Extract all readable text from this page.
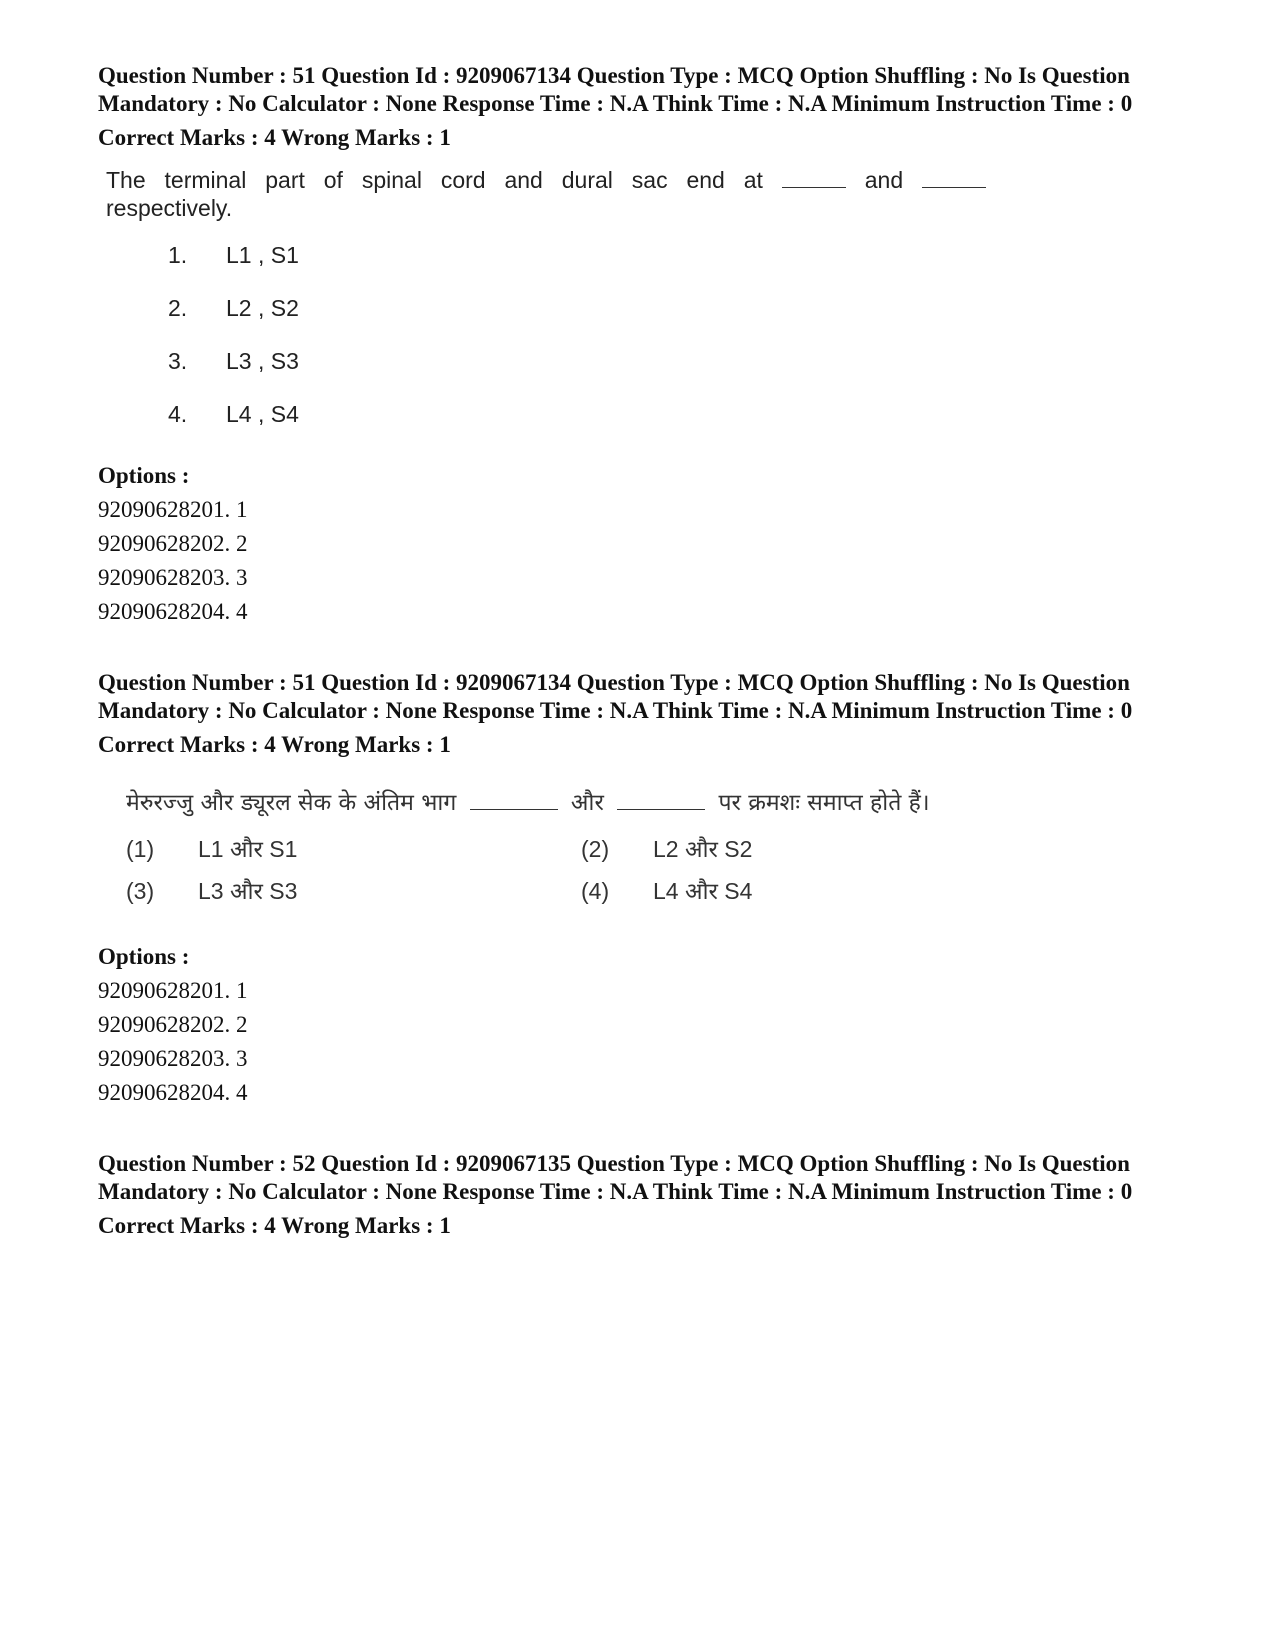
Question Number : 51 Question Id : 9209067134 Question Type : MCQ Option Shuffling : No Is Question Mandatory : No Calculator : None Response Time : N.A Think Time : N.A Minimum Instruction Time : 0

Correct Marks : 4 Wrong Marks : 1

The terminal part of spinal cord and dural sac end at	and  respectively.
1.	L1 , S1
2.	L2 , S2
3.	L3 , S3
4.	L4 , S4

Options :

92090628201. 1

92090628202. 2

92090628203. 3

92090628204. 4

Question Number : 51 Question Id : 9209067134 Question Type : MCQ Option Shuffling : No Is Question Mandatory : No Calculator : None Response Time : N.A Think Time : N.A Minimum Instruction Time : 0

Correct Marks : 4 Wrong Marks : 1

मेरुरज्जु और ड्यूरल सेक के अंतिम भाग	और	पर क्रमशः समाप्त होते हैं।
(1)	L1 और S1	(2)	L2 और S2
(3)	L3 और S3	(4)	L4 और S4

Options :

92090628201. 1

92090628202. 2

92090628203. 3

92090628204. 4

Question Number : 52 Question Id : 9209067135 Question Type : MCQ Option Shuffling : No Is Question Mandatory : No Calculator : None Response Time : N.A Think Time : N.A Minimum Instruction Time : 0

Correct Marks : 4 Wrong Marks : 1
